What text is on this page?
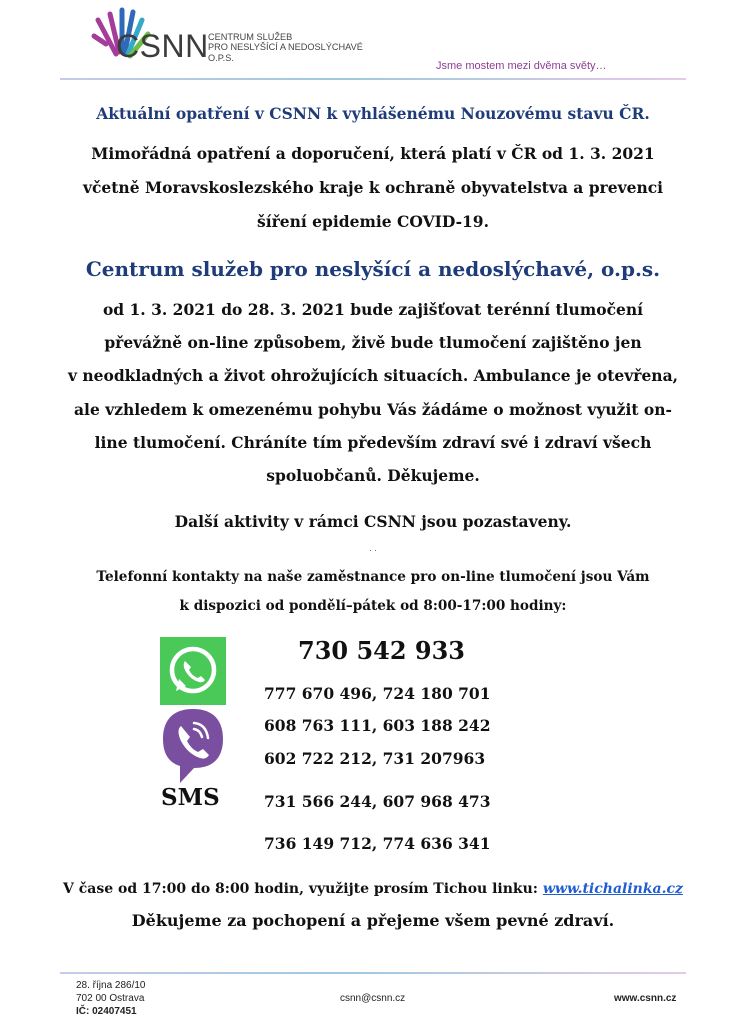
CSNN CENTRUM SLUŽEB
PRO NESLYŠÍCÍ A NEDOSLÝCHAVÉ
O.P.S.
Jsme mostem mezi dvěma světy…
Aktuální opatření v CSNN k vyhlášenému Nouzovému stavu ČR.
Mimořádná opatření a doporučení, která platí v ČR od 1. 3. 2021
včetně Moravskoslezského kraje k ochraně obyvatelstva a prevenci
šíření epidemie COVID-19.
Centrum služeb pro neslyšící a nedoslýchavé, o.p.s.
od 1. 3. 2021 do 28. 3. 2021 bude zajišťovat terénní tlumočení
převážně on-line způsobem, živě bude tlumočení zajištěno jen
v neodkladných a život ohrožujících situacích. Ambulance je otevřena,
ale vzhledem k omezenému pohybu Vás žádáme o možnost využit on-
line tlumočení. Chráníte tím především zdraví své i zdraví všech
spoluobčanů. Děkujeme.
Další aktivity v rámci CSNN jsou pozastaveny.
. .
Telefonní kontakty na naše zaměstnance pro on-line tlumočení jsou Vám
k dispozici od pondělí–pátek od 8:00-17:00 hodiny:
SMS
730 542 933
777 670 496, 724 180 701
608 763 111, 603 188 242
602 722 212, 731 207963
731 566 244, 607 968 473
736 149 712, 774 636 341
V čase od 17:00 do 8:00 hodin, využijte prosím Tichou linku: www.tichalinka.cz
Děkujeme za pochopení a přejeme všem pevné zdraví.
28. října 286/10
702 00 Ostrava
IČ: 02407451
csnn@csnn.cz	www.csnn.cz
